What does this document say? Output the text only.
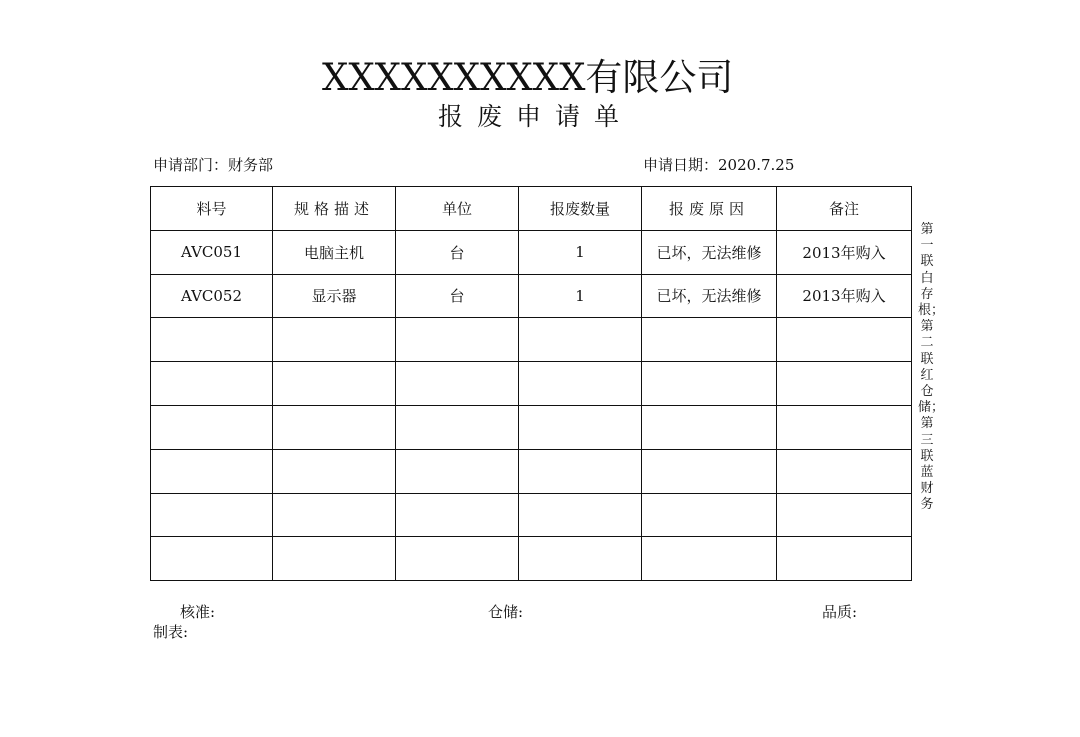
XXXXXXXXXX有限公司
报废申请单
申请部门：财务部	申请日期：2020.7.25
料号	规格描述	单位	报废数量	报废原因	备注
AVC051	电脑主机	台	1	已坏，无法维修	2013年购入
AVC052	显示器	台	1	已坏，无法维修	2013年购入

第一联白存根；第二联红仓储；第三联蓝财务
核准:	仓储:	品质:
制表:
